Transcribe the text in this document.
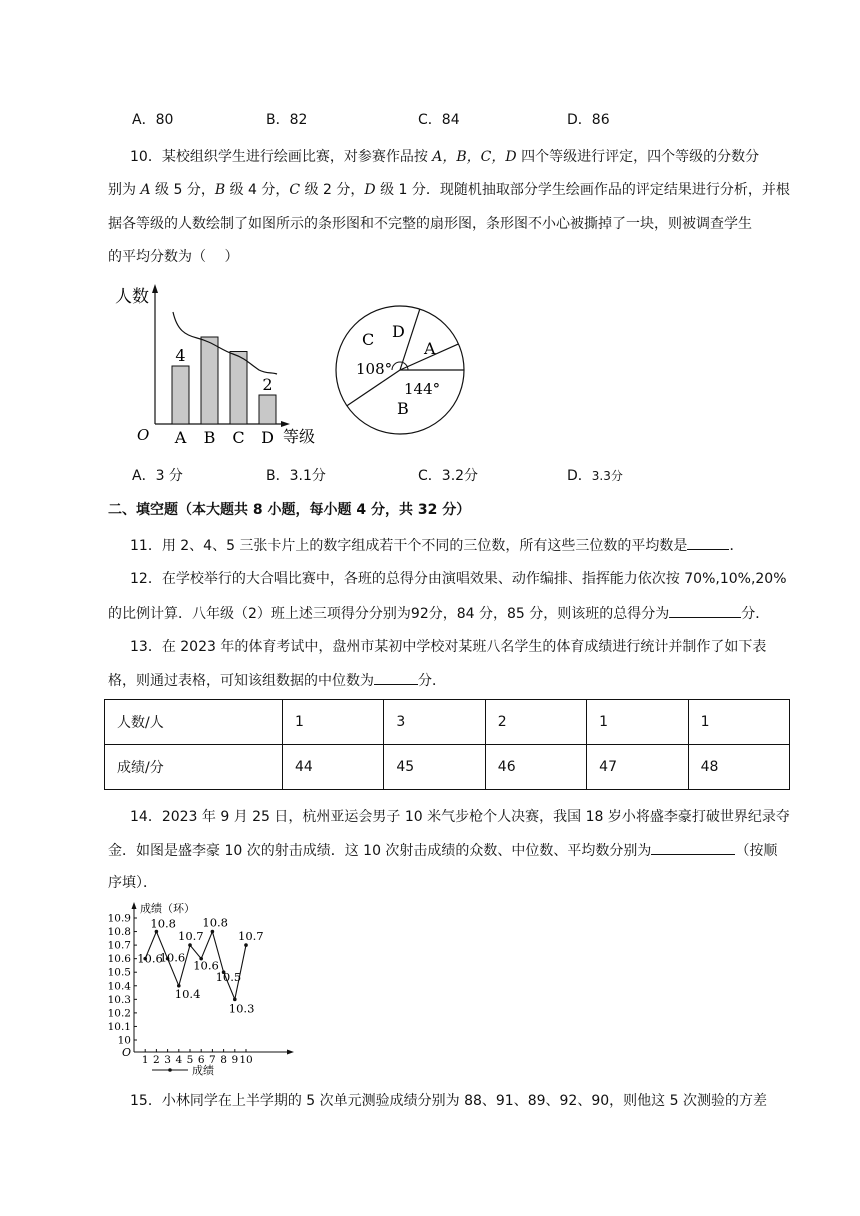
A．80	B．82	C．84	D．86
10．某校组织学生进行绘画比赛，对参赛作品按 A，B，C，D 四个等级进行评定，四个等级的分数分
别为 A 级 5 分，B 级 4 分，C 级 2 分，D 级 1 分．现随机抽取部分学生绘画作品的评定结果进行分析，并根
据各等级的人数绘制了如图所示的条形图和不完整的扇形图，条形图不小心被撕掉了一块，则被调查学生
的平均分数为（　 ）
人数
O	等级
A
4
B C D
2
C D
A
B
108°
144°
A．3 分	B．3.1分	C．3.2分	D．3.3分
二、填空题（本大题共 8 小题，每小题 4 分，共 32 分）
11．用 2、4、5 三张卡片上的数字组成若干个不同的三位数，所有这些三位数的平均数是	．
12．在学校举行的大合唱比赛中，各班的总得分由演唱效果、动作编排、指挥能力依次按 70%,10%,20%
的比例计算．八年级（2）班上述三项得分分别为92分，84 分，85 分，则该班的总得分为	分．
13．在 2023 年的体育考试中，盘州市某初中学校对某班八名学生的体育成绩进行统计并制作了如下表
格，则通过表格，可知该组数据的中位数为	分．
人数/人	1	3	2	1	1
成绩/分	44	45	46	47	48
14．2023 年 9 月 25 日，杭州亚运会男子 10 米气步枪个人决赛，我国 18 岁小将盛李豪打破世界纪录夺
金．如图是盛李豪 10 次的射击成绩．这 10 次射击成绩的众数、中位数、平均数分别为	（按顺
序填）．
10
10.1
10.2
10.3
10.4
10.5
10.6
10.7
10.8
10.9
1 2 3 4 5 6 7 8 9 10
10.6
10.8
10.6
10.4
10.7
10.6
10.8
10.5
10.3
10.7
成绩（环）
O
成绩
15．小林同学在上半学期的 5 次单元测验成绩分别为 88、91、89、92、90，则他这 5 次测验的方差
